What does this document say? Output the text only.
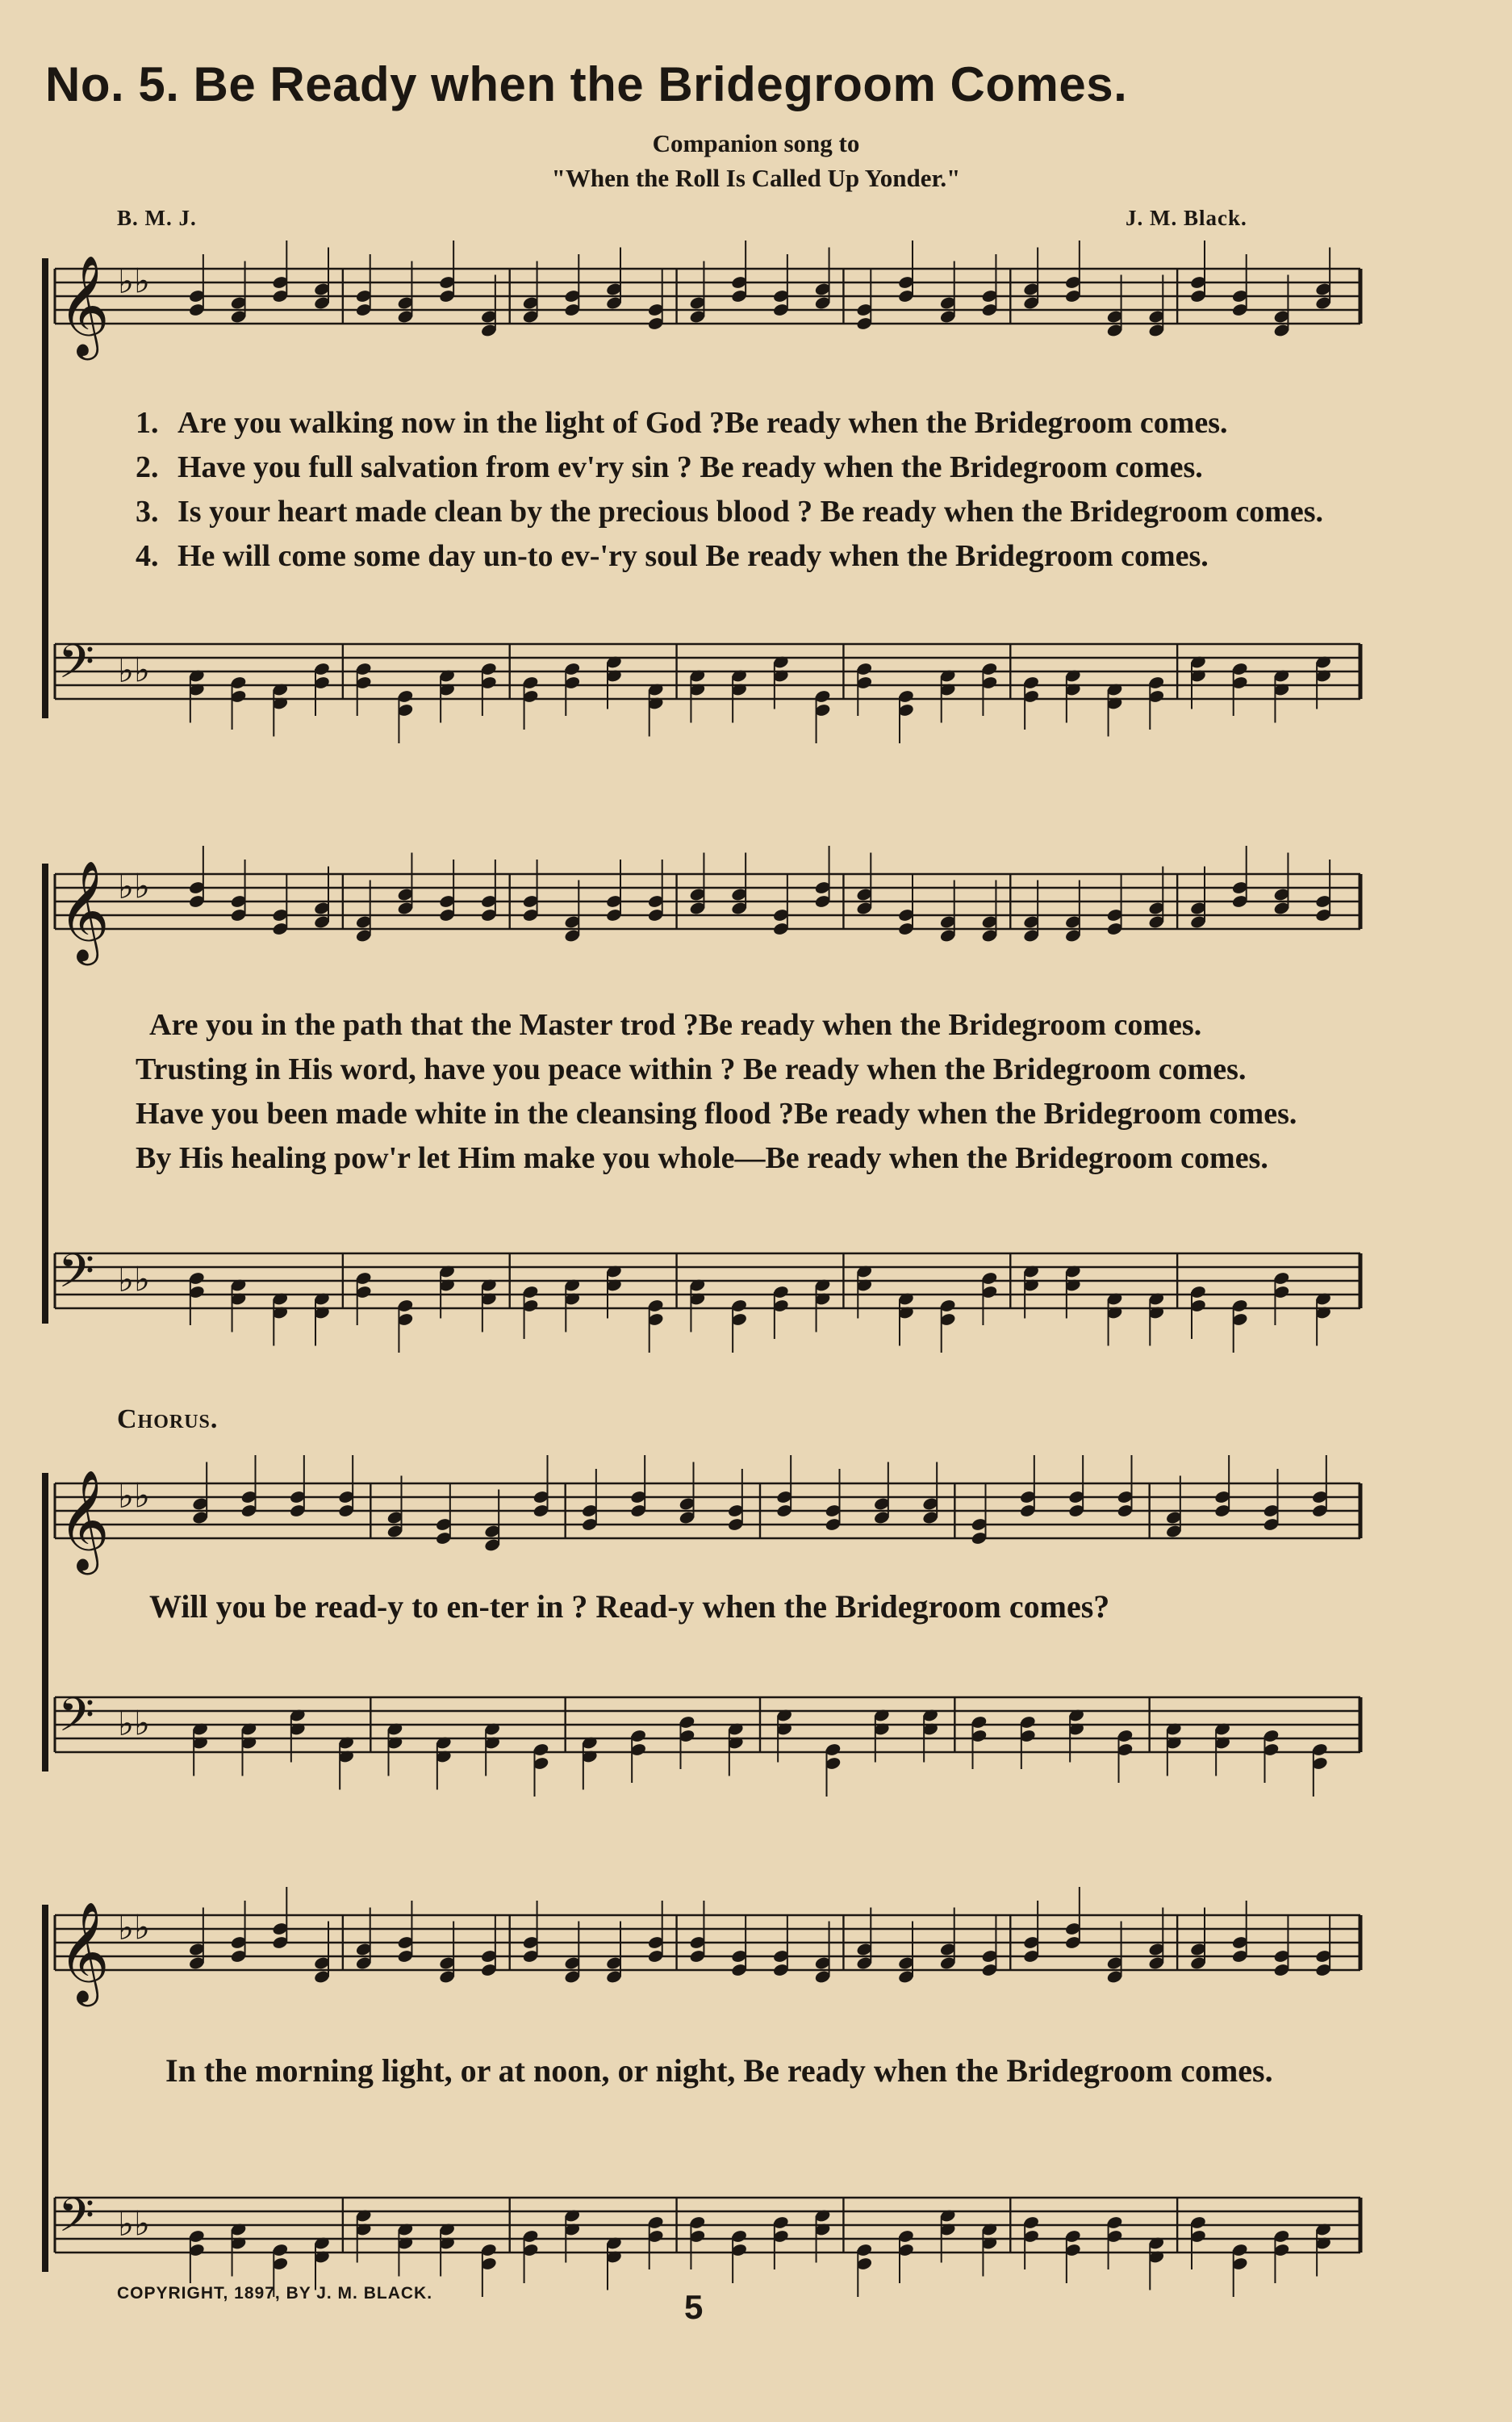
No. 5. Be Ready when the Bridegroom Comes.
Companion song to
"When the Roll Is Called Up Yonder."
B. M. J.	J. M. Black.
1. Are you walking now in the light of God ?Be ready when the Bridegroom comes.
2. Have you full salvation from ev'ry sin ? Be ready when the Bridegroom comes.
3. Is your heart made clean by the precious blood ? Be ready when the Bridegroom comes.
4. He will come some day un-to ev-'ry soul Be ready when the Bridegroom comes.
Are you in the path that the Master trod ?Be ready when the Bridegroom comes.
Trusting in His word, have you peace within ? Be ready when the Bridegroom comes.
Have you been made white in the cleansing flood ?Be ready when the Bridegroom comes.
By His healing pow'r let Him make you whole—Be ready when the Bridegroom comes.
Chorus.
Will you be read-y to en-ter in ? Read-y when the Bridegroom comes?
In the morning light, or at noon, or night, Be ready when the Bridegroom comes.
COPYRIGHT, 1897, BY J. M. BLACK.	5
𝄞 ♭ ♭
𝄢 ♭ ♭
𝄞 ♭ ♭
𝄢 ♭ ♭
𝄞 ♭ ♭
𝄢 ♭ ♭
𝄞 ♭ ♭
𝄢 ♭ ♭
